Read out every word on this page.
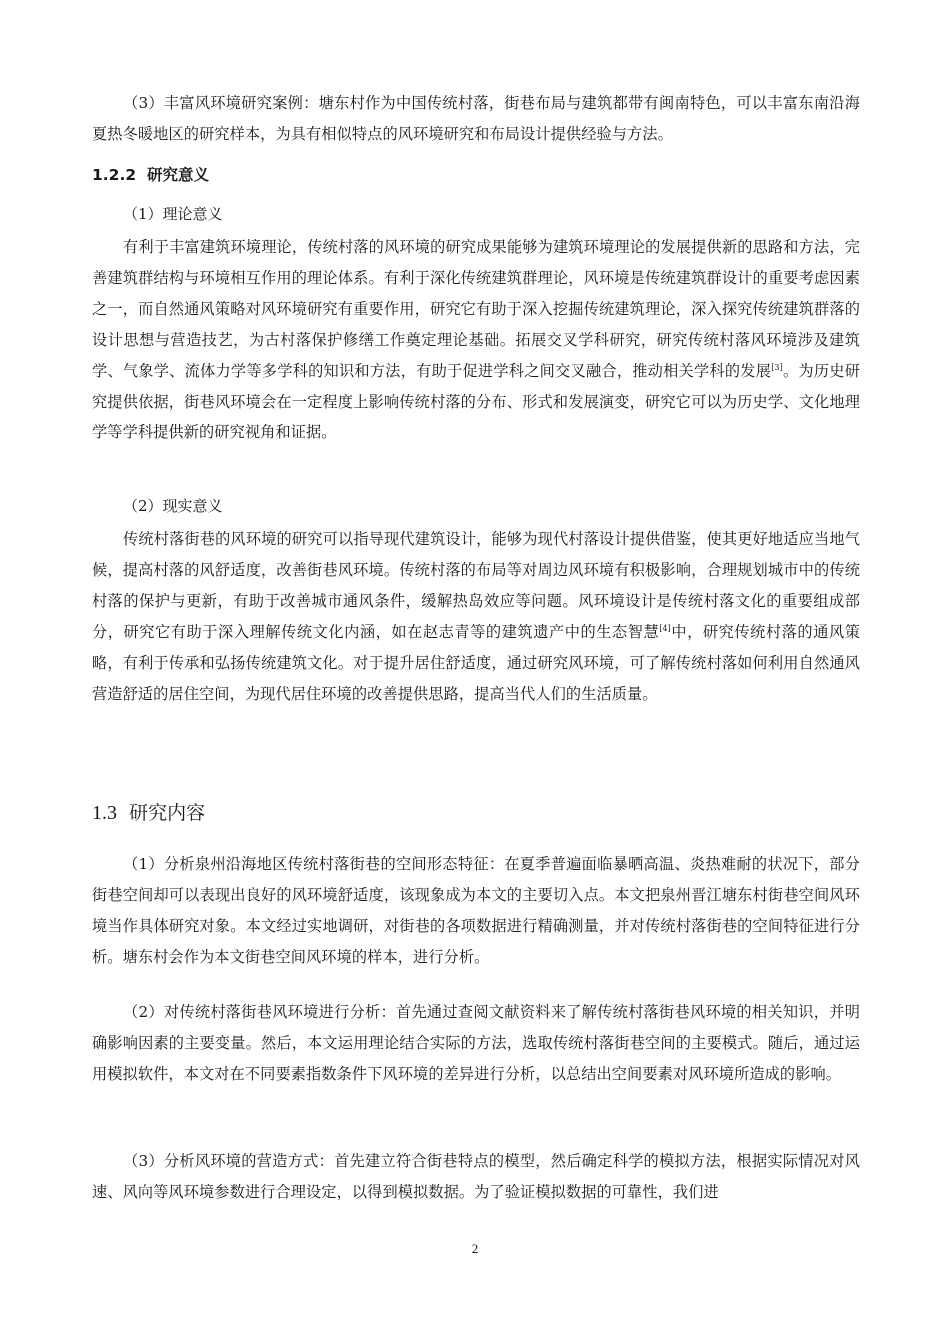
（3）丰富风环境研究案例：塘东村作为中国传统村落，街巷布局与建筑都带有闽南特色，可以丰富东南沿海夏热冬暖地区的研究样本，为具有相似特点的风环境研究和布局设计提供经验与方法。

1.2.2 研究意义

（1）理论意义

有利于丰富建筑环境理论，传统村落的风环境的研究成果能够为建筑环境理论的发展提供新的思路和方法，完善建筑群结构与环境相互作用的理论体系。有利于深化传统建筑群理论，风环境是传统建筑群设计的重要考虑因素之一，而自然通风策略对风环境研究有重要作用，研究它有助于深入挖掘传统建筑理论，深入探究传统建筑群落的设计思想与营造技艺，为古村落保护修缮工作奠定理论基础。拓展交叉学科研究，研究传统村落风环境涉及建筑学、气象学、流体力学等多学科的知识和方法，有助于促进学科之间交叉融合，推动相关学科的发展[3]。为历史研究提供依据，街巷风环境会在一定程度上影响传统村落的分布、形式和发展演变，研究它可以为历史学、文化地理学等学科提供新的研究视角和证据。

（2）现实意义

传统村落街巷的风环境的研究可以指导现代建筑设计，能够为现代村落设计提供借鉴，使其更好地适应当地气候，提高村落的风舒适度，改善街巷风环境。传统村落的布局等对周边风环境有积极影响，合理规划城市中的传统村落的保护与更新，有助于改善城市通风条件，缓解热岛效应等问题。风环境设计是传统村落文化的重要组成部分，研究它有助于深入理解传统文化内涵，如在赵志青等的建筑遗产中的生态智慧[4]中，研究传统村落的通风策略，有利于传承和弘扬传统建筑文化。对于提升居住舒适度，通过研究风环境，可了解传统村落如何利用自然通风营造舒适的居住空间，为现代居住环境的改善提供思路，提高当代人们的生活质量。

1.3 研究内容

（1）分析泉州沿海地区传统村落街巷的空间形态特征：在夏季普遍面临暴晒高温、炎热难耐的状况下，部分街巷空间却可以表现出良好的风环境舒适度，该现象成为本文的主要切入点。本文把泉州晋江塘东村街巷空间风环境当作具体研究对象。本文经过实地调研，对街巷的各项数据进行精确测量，并对传统村落街巷的空间特征进行分析。塘东村会作为本文街巷空间风环境的样本，进行分析。

（2）对传统村落街巷风环境进行分析：首先通过查阅文献资料来了解传统村落街巷风环境的相关知识，并明确影响因素的主要变量。然后，本文运用理论结合实际的方法，选取传统村落街巷空间的主要模式。随后，通过运用模拟软件，本文对在不同要素指数条件下风环境的差异进行分析，以总结出空间要素对风环境所造成的影响。

（3）分析风环境的营造方式：首先建立符合街巷特点的模型，然后确定科学的模拟方法，根据实际情况对风速、风向等风环境参数进行合理设定，以得到模拟数据。为了验证模拟数据的可靠性，我们进

2
